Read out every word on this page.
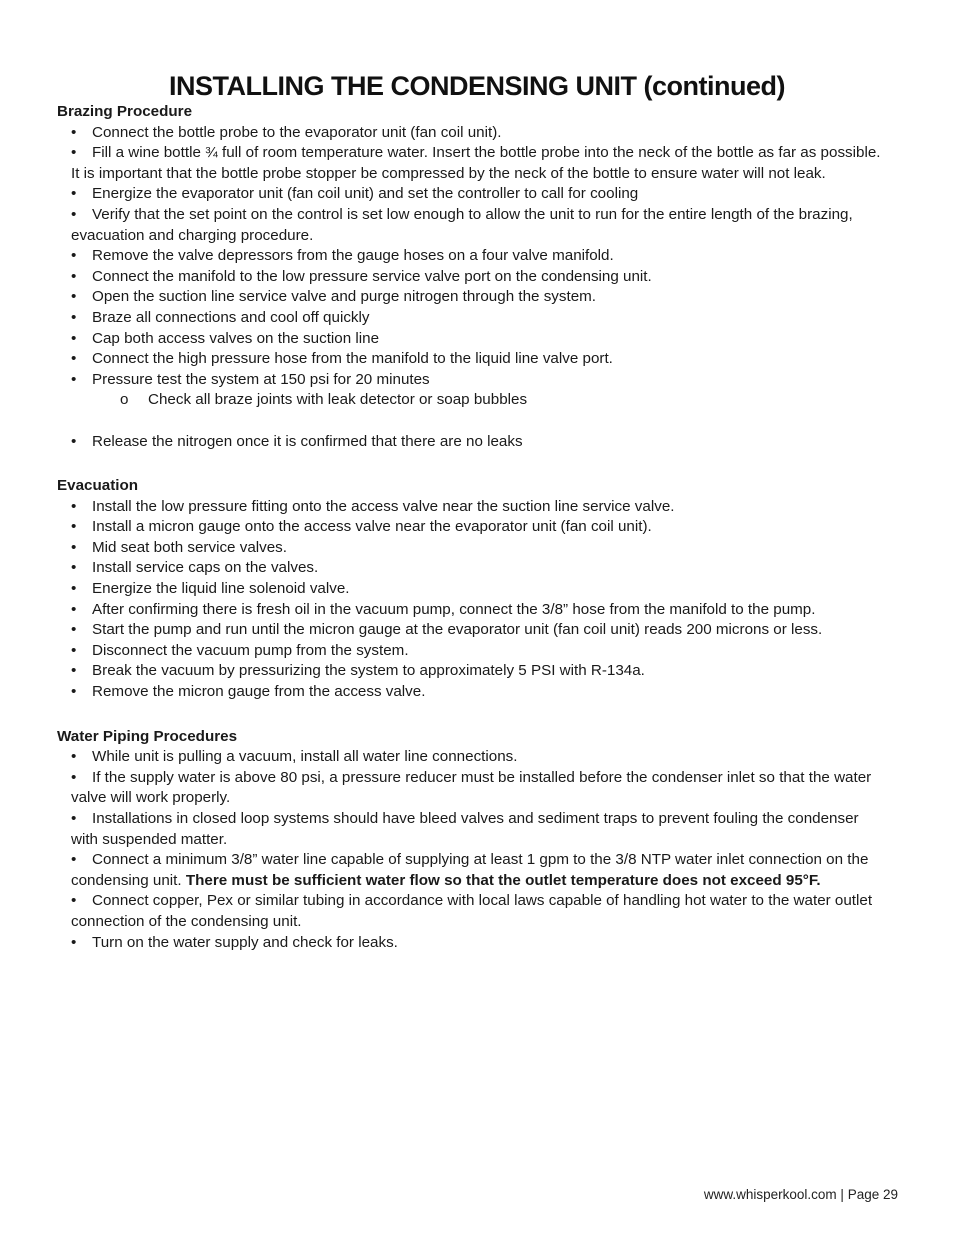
INSTALLING THE CONDENSING UNIT (continued)
Brazing Procedure

• Connect the bottle probe to the evaporator unit (fan coil unit).

• Fill a wine bottle ¾ full of room temperature water. Insert the bottle probe into the neck of the bottle as far as possible. It is important that the bottle probe stopper be compressed by the neck of the bottle to ensure water will not leak.

• Energize the evaporator unit (fan coil unit) and set the controller to call for cooling

• Verify that the set point on the control is set low enough to allow the unit to run for the entire length of the brazing, evacuation and charging procedure.

• Remove the valve depressors from the gauge hoses on a four valve manifold.

• Connect the manifold to the low pressure service valve port on the condensing unit.

• Open the suction line service valve and purge nitrogen through the system.

• Braze all connections and cool off quickly

• Cap both access valves on the suction line

• Connect the high pressure hose from the manifold to the liquid line valve port.

• Pressure test the system at 150 psi for 20 minutes

o Check all braze joints with leak detector or soap bubbles

• Release the nitrogen once it is confirmed that there are no leaks

Evacuation

• Install the low pressure fitting onto the access valve near the suction line service valve.

• Install a micron gauge onto the access valve near the evaporator unit (fan coil unit).

• Mid seat both service valves.

• Install service caps on the valves.

• Energize the liquid line solenoid valve.

• After confirming there is fresh oil in the vacuum pump, connect the 3/8” hose from the manifold to the pump.

• Start the pump and run until the micron gauge at the evaporator unit (fan coil unit) reads 200 microns or less.

• Disconnect the vacuum pump from the system.

• Break the vacuum by pressurizing the system to approximately 5 PSI with R-134a.

• Remove the micron gauge from the access valve.

Water Piping Procedures

• While unit is pulling a vacuum, install all water line connections.

• If the supply water is above 80 psi, a pressure reducer must be installed before the condenser inlet so that the water valve will work properly.

• Installations in closed loop systems should have bleed valves and sediment traps to prevent fouling the condenser with suspended matter.

• Connect a minimum 3/8” water line capable of supplying at least 1 gpm to the 3/8 NTP water inlet connection on the condensing unit. There must be sufficient water flow so that the outlet temperature does not exceed 95°F.

• Connect copper, Pex or similar tubing in accordance with local laws capable of handling hot water to the water outlet connection of the condensing unit.

• Turn on the water supply and check for leaks.

www.whisperkool.com | Page 29
